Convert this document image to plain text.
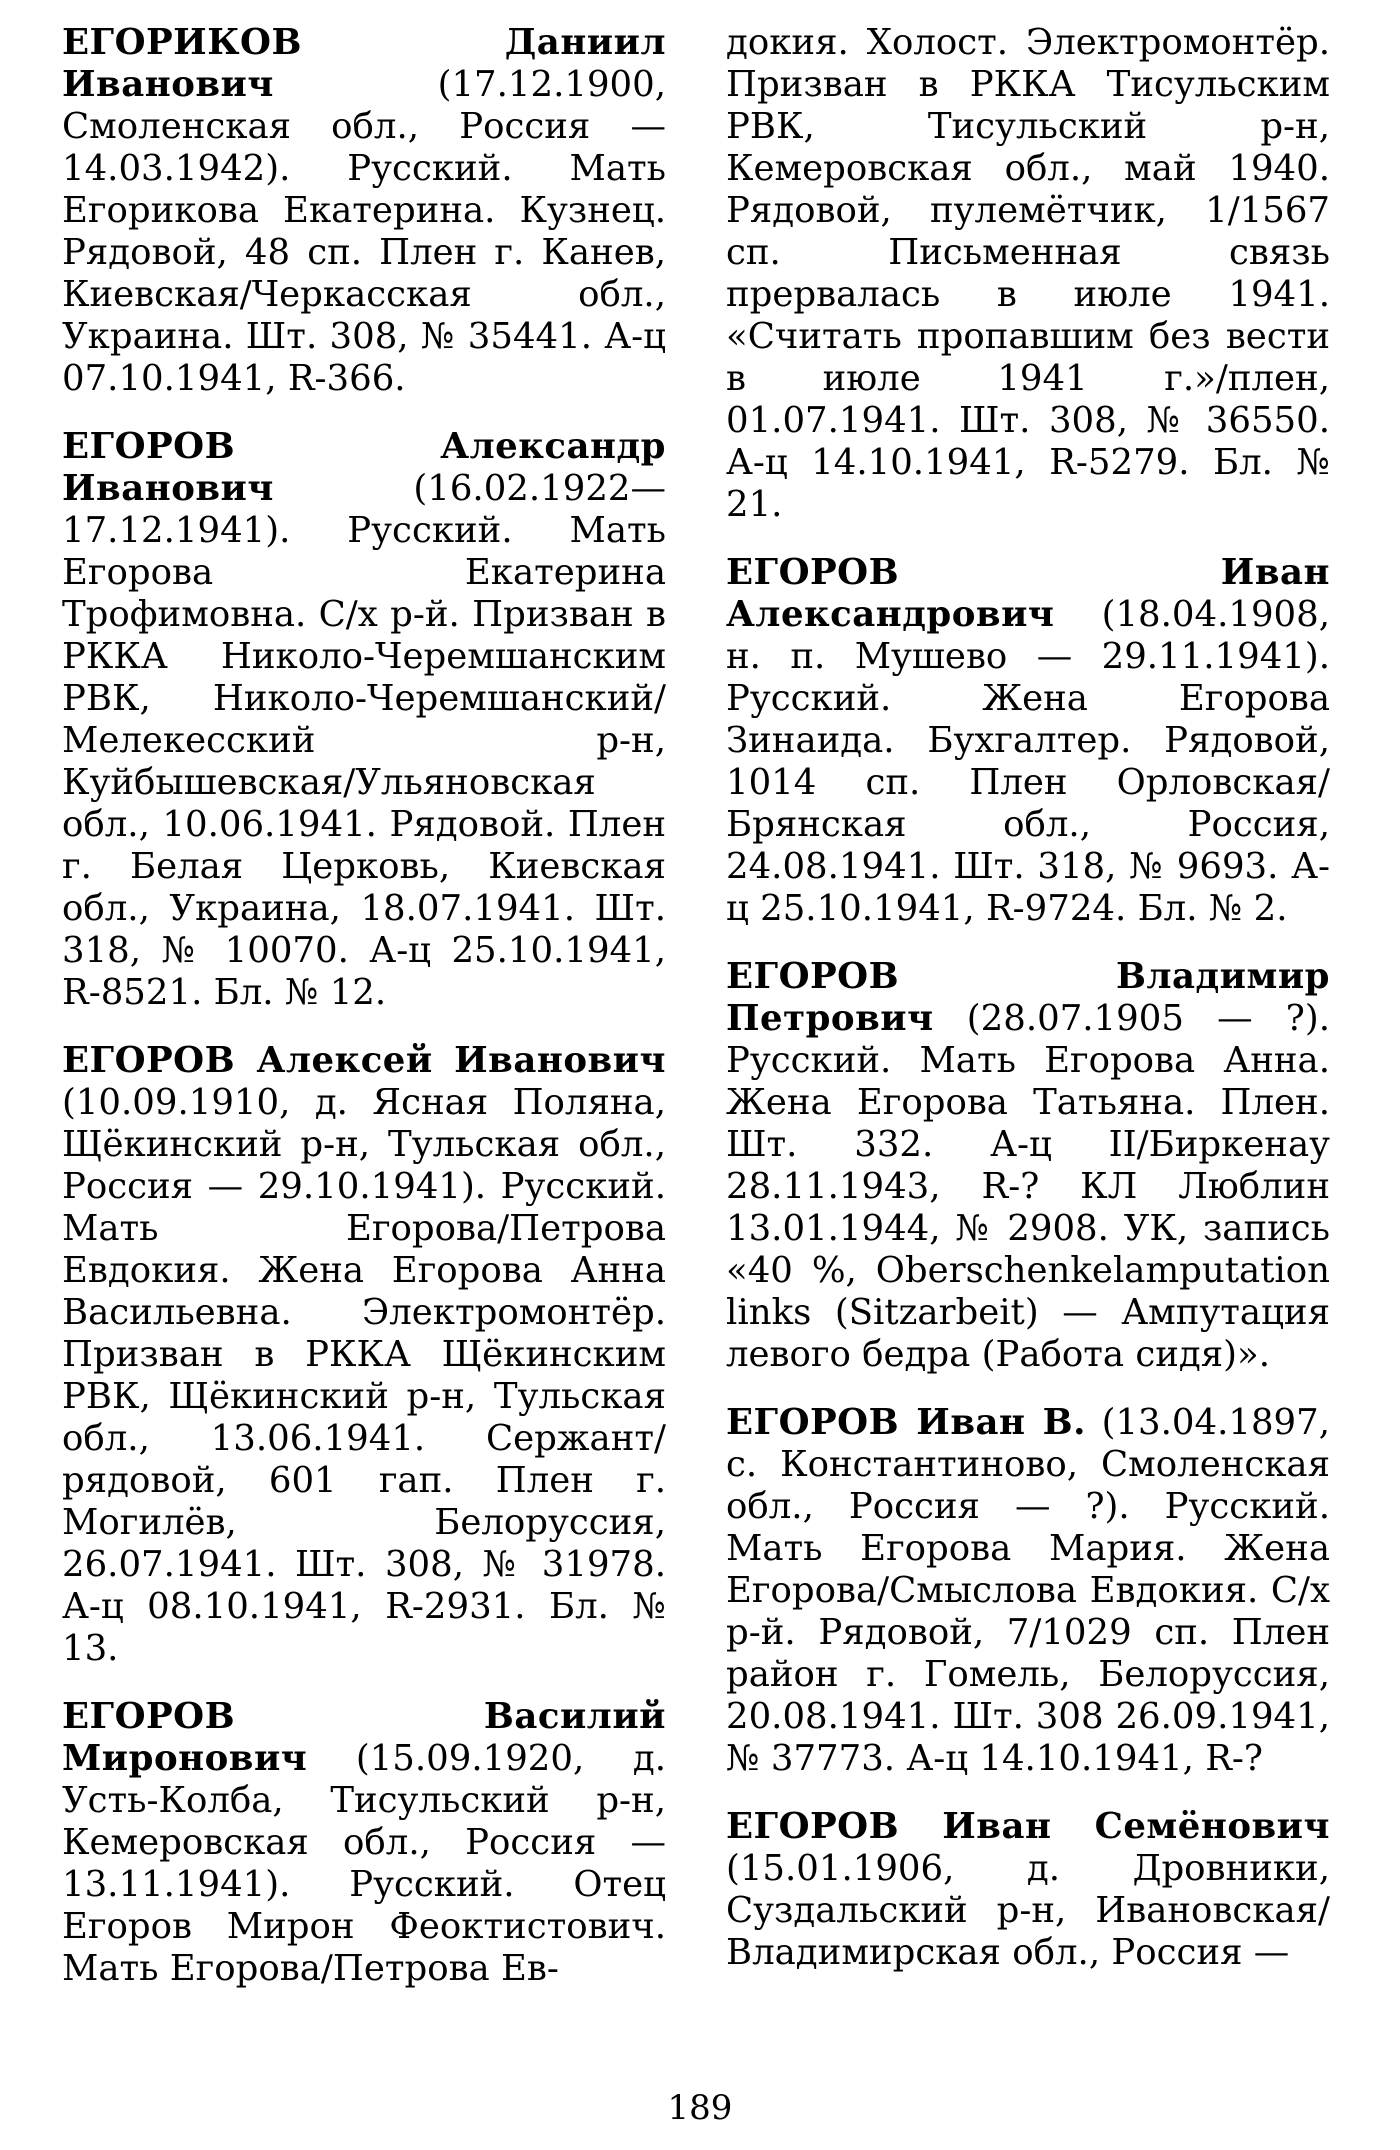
ЕГОРИКОВ Даниил Иванович	(17.12.1900, Смоленская обл., Россия — 14.03.1942). Русский. Мать Егорикова Екатерина. Кузнец. Рядовой, 48 сп. Плен г. Канев, Киевская/Черкасская обл., Украина. Шт. 308, № 35441. А-ц 07.10.1941, R-366.

ЕГОРОВ Александр Иванович	(16.02.1922—17.12.1941). Русский. Мать Егорова Екатерина Трофимовна. С/х р-й. Призван в РККА Николо-Черемшанским РВК, Николо-Черемшанский/Мелекесский р-н, Куйбышевская/Ульяновская обл., 10.06.1941. Рядовой. Плен г. Белая Церковь, Киевская обл., Украина, 18.07.1941. Шт. 318, № 10070. А-ц 25.10.1941, R-8521. Бл. № 12.

ЕГОРОВ Алексей Иванович (10.09.1910, д. Ясная Поляна, Щёкинский р-н, Тульская обл., Россия — 29.10.1941). Русский. Мать Егорова/Петрова Евдокия. Жена Егорова Анна Васильевна. Электромонтёр. Призван в РККА Щёкинским РВК, Щёкинский р-н, Тульская обл., 13.06.1941. Сержант/рядовой, 601 гап. Плен г. Могилёв, Белоруссия, 26.07.1941. Шт. 308, № 31978. А-ц 08.10.1941, R-2931. Бл. № 13.

ЕГОРОВ Василий Миронович (15.09.1920, д. Усть-Колба, Тисульский р-н, Кемеровская обл., Россия — 13.11.1941). Русский. Отец Егоров Мирон Феоктистович. Мать Егорова/Петрова Ев-

докия. Холост. Электромонтёр. Призван в РККА Тисульским РВК, Тисульский р-н, Кемеровская обл., май 1940. Рядовой, пулемётчик, 1/1567 сп. Письменная связь прервалась в июле 1941. «Считать пропавшим без вести в июле 1941 г.»/плен, 01.07.1941. Шт. 308, № 36550. А-ц 14.10.1941, R-5279. Бл. № 21.

ЕГОРОВ Иван Александрович (18.04.1908, н. п. Мушево — 29.11.1941). Русский. Жена Егорова Зинаида. Бухгалтер. Рядовой, 1014 сп. Плен Орловская/Брянская обл., Россия, 24.08.1941. Шт. 318, № 9693. А-ц 25.10.1941, R-9724. Бл. № 2.

ЕГОРОВ Владимир Петрович (28.07.1905 — ?). Русский. Мать Егорова Анна. Жена Егорова Татьяна. Плен. Шт. 332. А-ц II/Биркенау 28.11.1943, R-? КЛ Люблин 13.01.1944, № 2908. УК, запись «40 %, Oberschenkelamputation links (Sitzarbeit) — Ампутация левого бедра (Работа сидя)».

ЕГОРОВ Иван В. (13.04.1897, с. Константиново, Смоленская обл., Россия — ?). Русский. Мать Егорова Мария. Жена Егорова/Смыслова Евдокия. С/х р-й. Рядовой, 7/1029 сп. Плен район г. Гомель, Белоруссия, 20.08.1941. Шт. 308 26.09.1941, № 37773. А-ц 14.10.1941, R-?

ЕГОРОВ Иван Семёнович (15.01.1906, д. Дровники, Суздальский р-н, Ивановская/Владимирская обл., Россия —

189
